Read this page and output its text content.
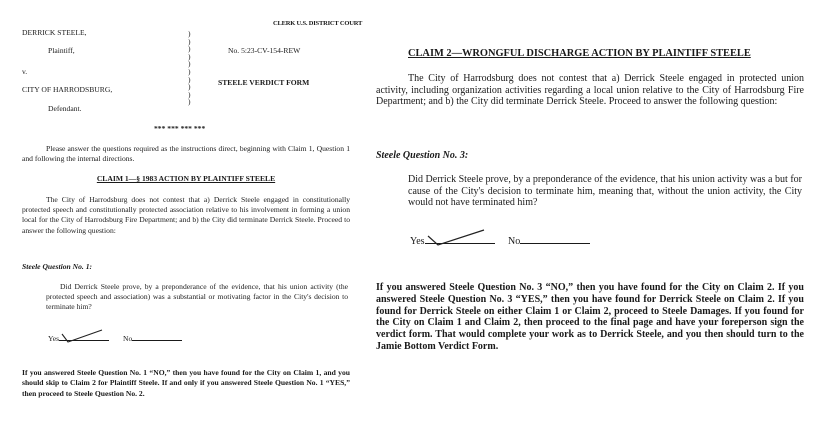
CLERK U.S. DISTRICT COURT
DERRICK STEELE,
Plaintiff,
v.
CITY OF HARRODSBURG,
Defendant.
)
)
)
)
)
)
)
)
)
)
No. 5:23-CV-154-REW
STEELE VERDICT FORM
*** *** *** ***
Please answer the questions required as the instructions direct, beginning with Claim 1, Question 1 and following the internal directions.
CLAIM 1—§ 1983 ACTION BY PLAINTIFF STEELE
The City of Harrodsburg does not contest that a) Derrick Steele engaged in constitutionally protected speech and constitutionally protected association relative to his involvement in forming a union local for the City of Harrodsburg Fire Department; and b) the City did terminate Derrick Steele. Proceed to answer the following question:
Steele Question No. 1:
Did Derrick Steele prove, by a preponderance of the evidence, that his union activity (the protected speech and association) was a substantial or motivating factor in the City's decision to terminate him?
Yes	No
If you answered Steele Question No. 1 “NO,” then you have found for the City on Claim 1, and you should skip to Claim 2 for Plaintiff Steele. If and only if you answered Steele Question No. 1 “YES,” then proceed to Steele Question No. 2.
CLAIM 2—WRONGFUL DISCHARGE ACTION BY PLAINTIFF STEELE
The City of Harrodsburg does not contest that a) Derrick Steele engaged in protected union activity, including organization activities regarding a local union relative to the City of Harrodsburg Fire Department; and b) the City did terminate Derrick Steele. Proceed to answer the following question:
Steele Question No. 3:
Did Derrick Steele prove, by a preponderance of the evidence, that his union activity was a but for cause of the City's decision to terminate him, meaning that, without the union activity, the City would not have terminated him?
Yes	No
If you answered Steele Question No. 3 “NO,” then you have found for the City on Claim 2. If you answered Steele Question No. 3 “YES,” then you have found for Derrick Steele on Claim 2. If you found for Derrick Steele on either Claim 1 or Claim 2, proceed to Steele Damages. If you found for the City on Claim 1 and Claim 2, then proceed to the final page and have your foreperson sign the verdict form. That would complete your work as to Derrick Steele, and you then should turn to the Jamie Bottom Verdict Form.
